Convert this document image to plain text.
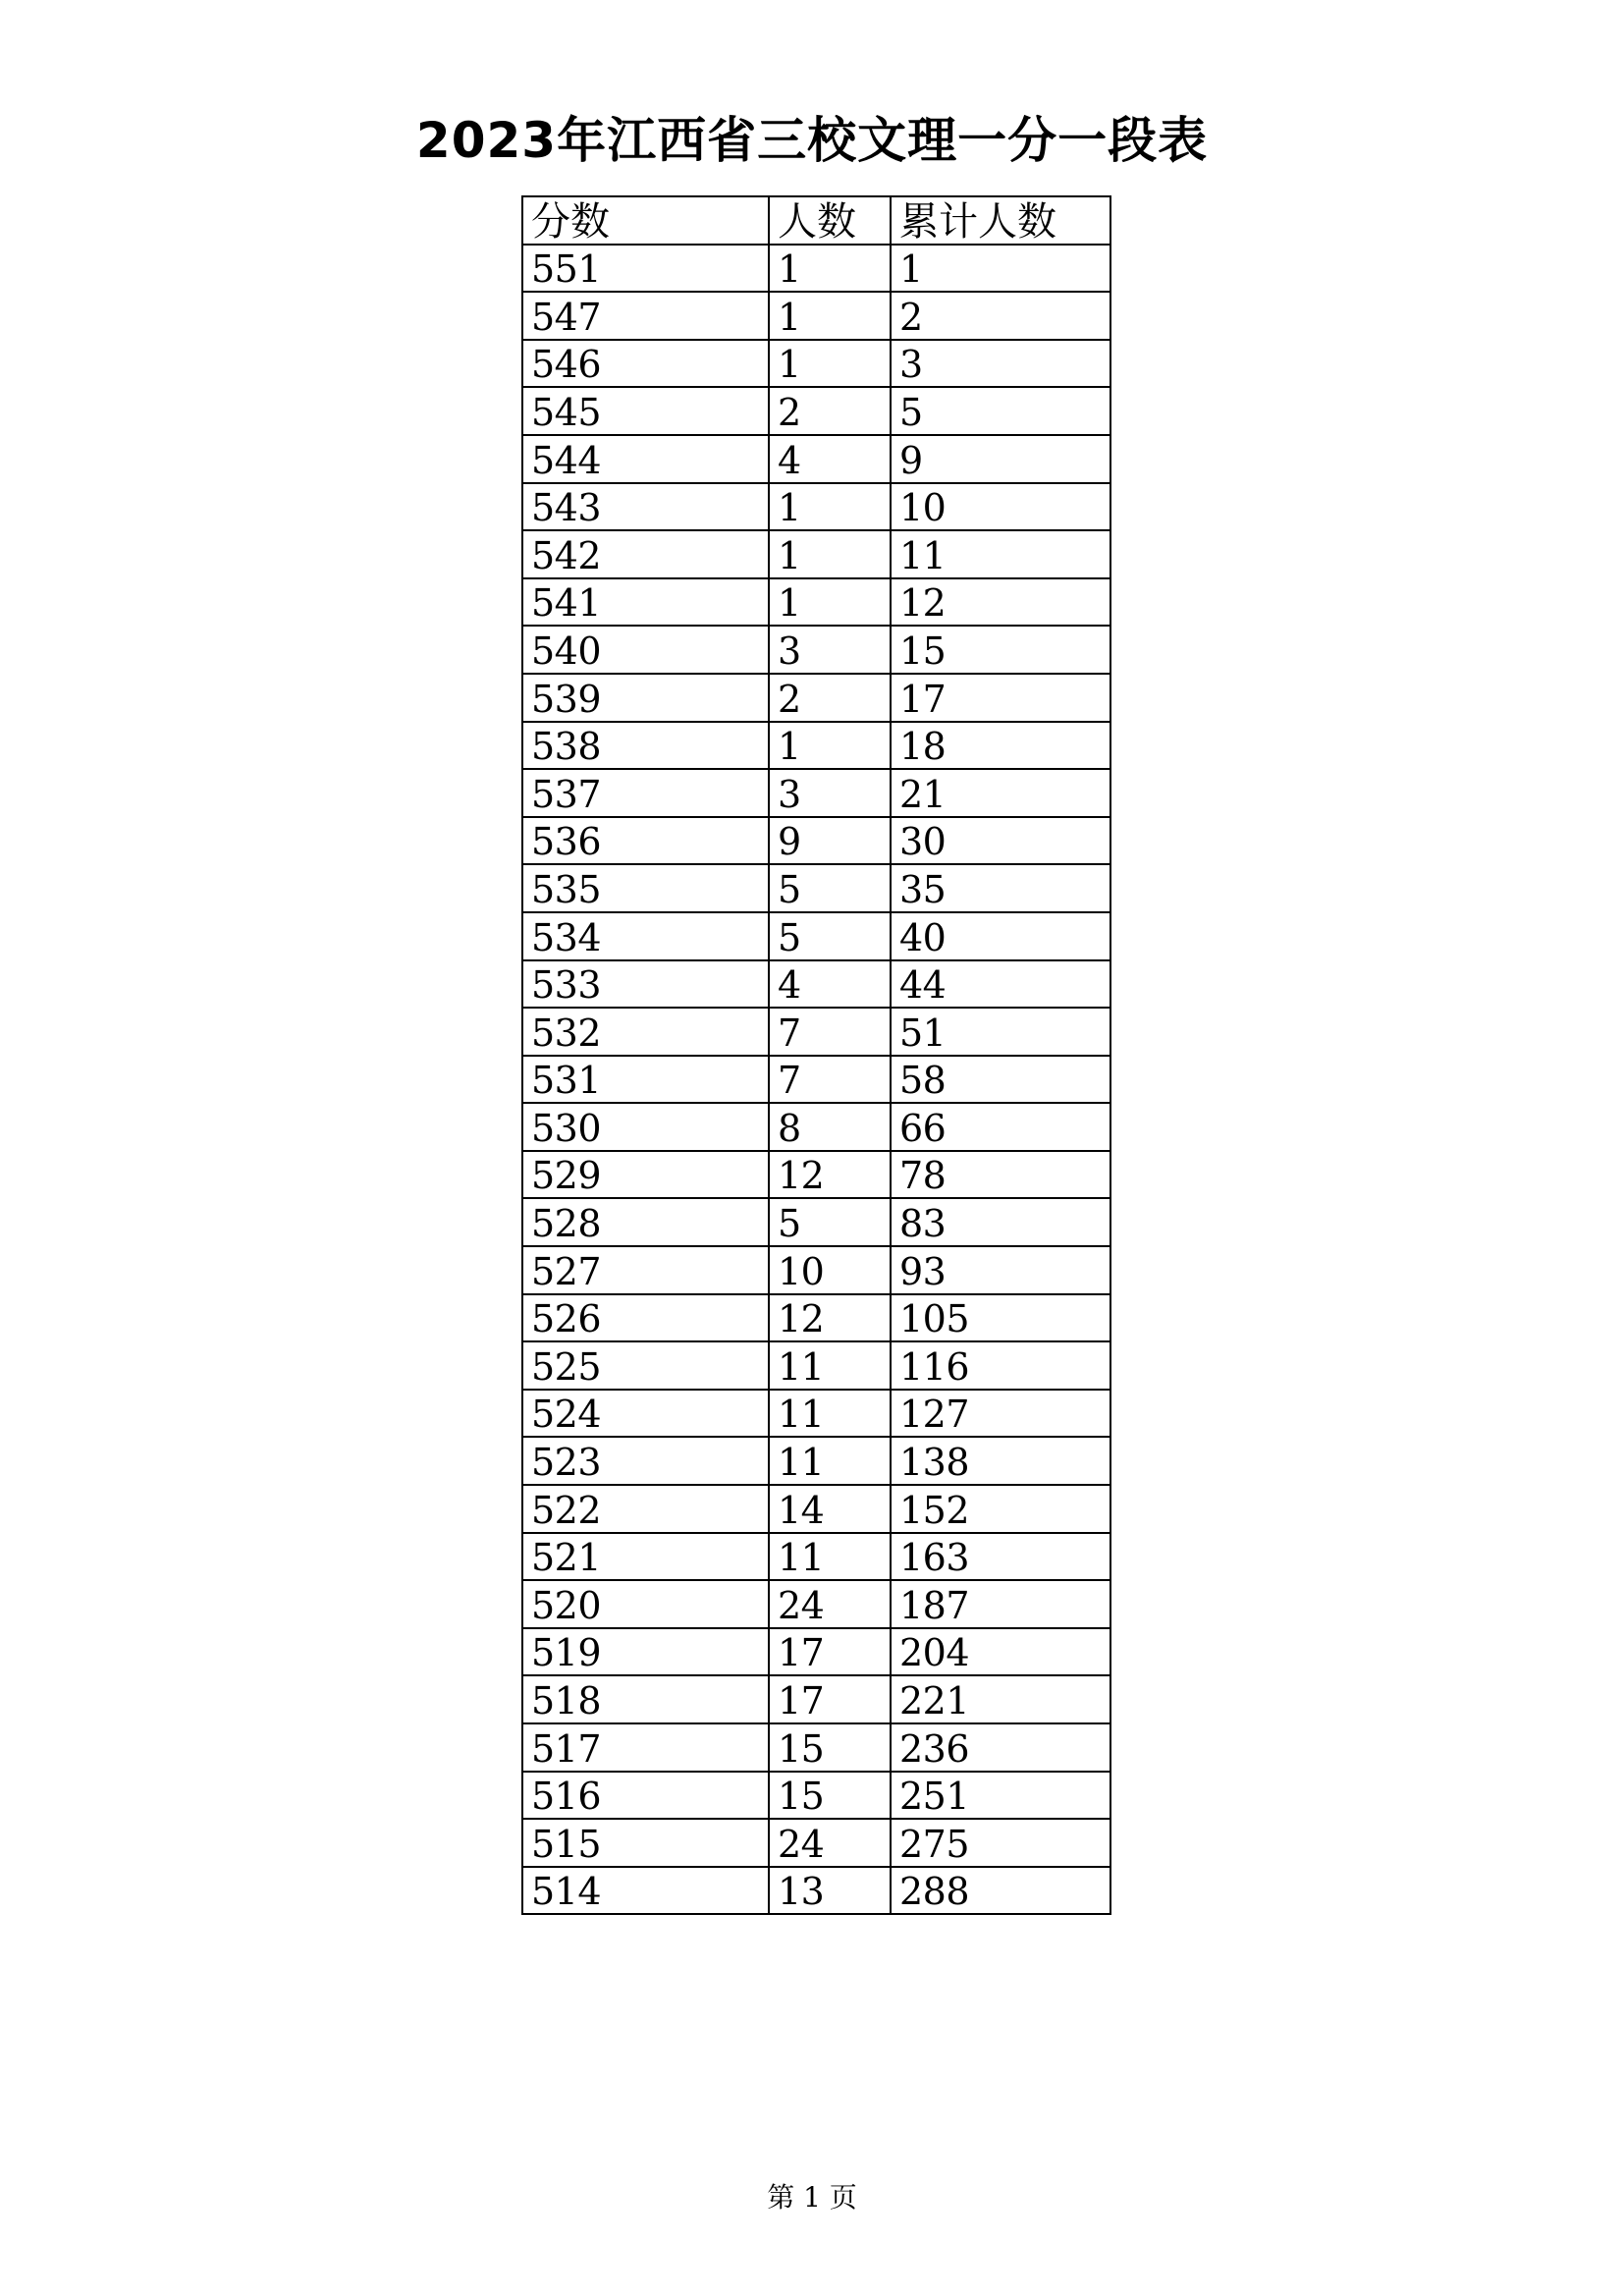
2023年江西省三校文理一分一段表
分数	人数	累计人数
551	1	1
547	1	2
546	1	3
545	2	5
544	4	9
543	1	10
542	1	11
541	1	12
540	3	15
539	2	17
538	1	18
537	3	21
536	9	30
535	5	35
534	5	40
533	4	44
532	7	51
531	7	58
530	8	66
529	12	78
528	5	83
527	10	93
526	12	105
525	11	116
524	11	127
523	11	138
522	14	152
521	11	163
520	24	187
519	17	204
518	17	221
517	15	236
516	15	251
515	24	275
514	13	288
第 1 页
